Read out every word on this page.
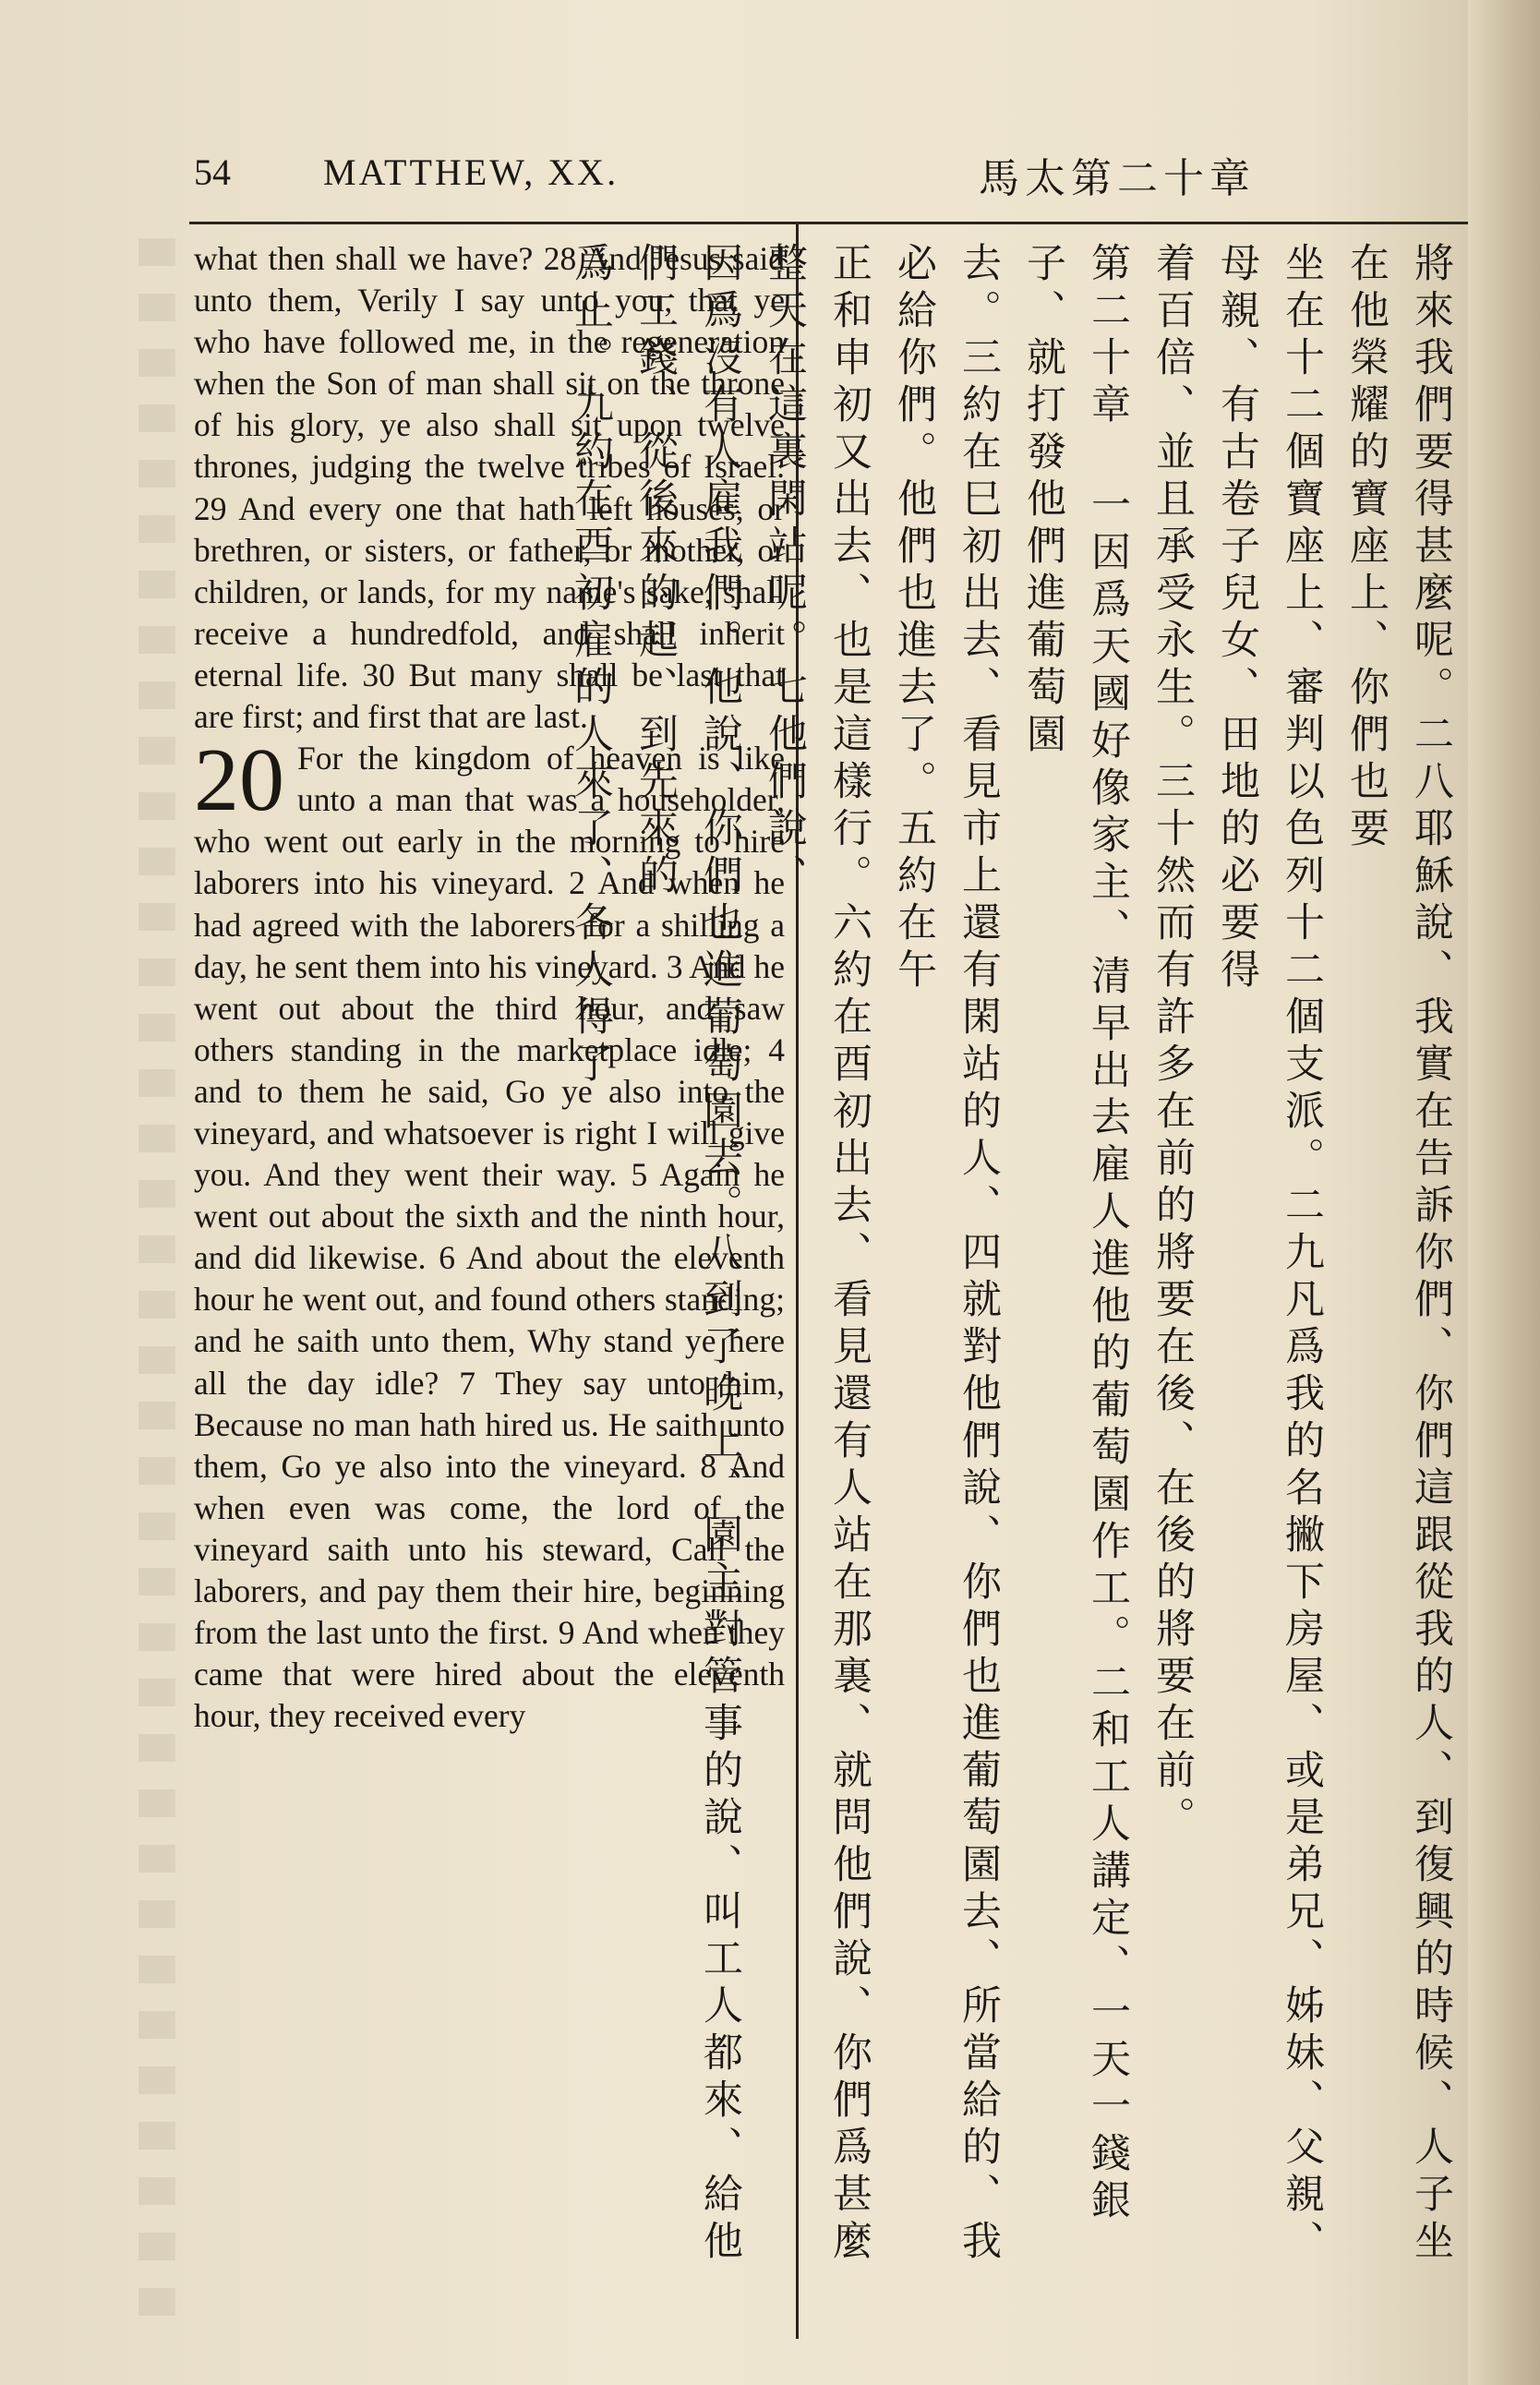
54	MATTHEW, XX.	馬太第二十章

what then shall we have? 28 And Jesus said unto them, Verily I say unto you, that ye who have followed me, in the regeneration when the Son of man shall sit on the throne of his glory, ye also shall sit upon twelve thrones, judging the twelve tribes of Israel. 29 And every one that hath left houses, or brethren, or sisters, or father, or mother, or children, or lands, for my name's sake, shall receive a hundredfold, and shall inherit eternal life. 30 But many shall be last that are first; and first that are last.

20 For the kingdom of heaven is like unto a man that was a householder, who went out early in the morning to hire laborers into his vineyard. 2 And when he had agreed with the laborers for a shilling a day, he sent them into his vineyard. 3 And he went out about the third hour, and saw others standing in the marketplace idle; 4 and to them he said, Go ye also into the vineyard, and whatsoever is right I will give you. And they went their way. 5 Again he went out about the sixth and the ninth hour, and did likewise. 6 And about the eleventh hour he went out, and found others standing; and he saith unto them, Why stand ye here all the day idle? 7 They say unto him, Because no man hath hired us. He saith unto them, Go ye also into the vineyard. 8 And when even was come, the lord of the vineyard saith unto his steward, Call the laborers, and pay them their hire, beginning from the last unto the first. 9 And when they came that were hired about the eleventh hour, they received every	將來我們要得甚麼呢。二八耶穌說、我實在告訴你們、你們這跟從我的人、到復興的時候、人子坐在他榮耀的寶座上、你們也要

坐在十二個寶座上、審判以色列十二個支派。二九凡爲我的名撇下房屋、或是弟兄、姊妹、父親、母親、有古卷子兒女、田地的必要得

着百倍、並且承受永生。三十然而有許多在前的將要在後、在後的將要在前。

第二十章 一因爲天國好像家主、清早出去雇人進他的葡萄園作工。二和工人講定、一天一錢銀子、就打發他們進葡萄園

去。三約在巳初出去、看見市上還有閑站的人、四就對他們說、你們也進葡萄園去、所當給的、我必給你們。他們也進去了。五約在午

正和申初又出去、也是這樣行。六約在酉初出去、看見還有人站在那裏、就問他們說、你們爲甚麼整天在這裏閑站呢。七他們說、

因爲沒有人雇我們。他說、你們也進葡萄園去。八到了晚上、園主對管事的說、叫工人都來、給他們工錢、從後來的起、到先來的

爲止。九約在酉初雇的人來了、各人得了
